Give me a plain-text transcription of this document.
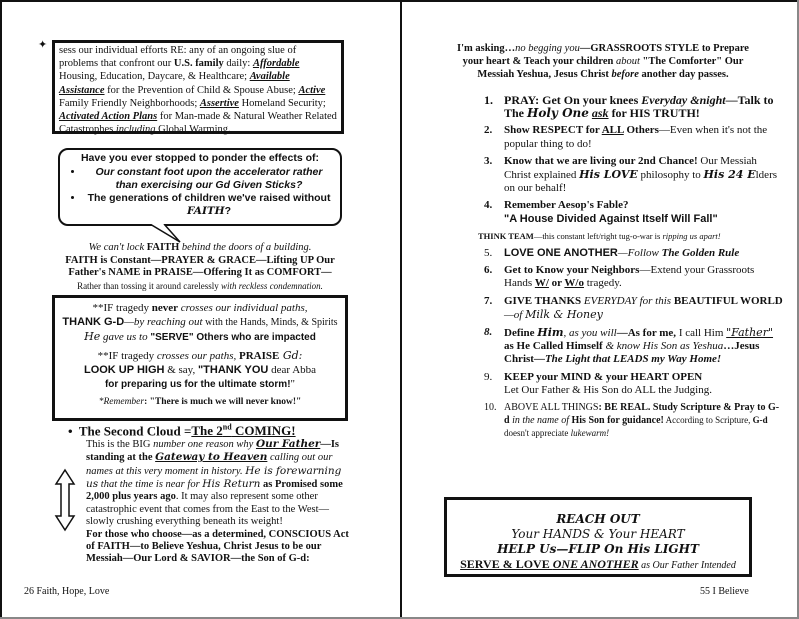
✦ sess our individual efforts RE: any of an ongoing slue of problems that confront our U.S. family daily: Affordable Housing, Education, Daycare, & Healthcare; Available Assistance for the Prevention of Child & Spouse Abuse; Active Family Friendly Neighborhoods; Assertive Homeland Security; Activated Action Plans for Man-made & Natural Weather Related Catastrophes including Global Warming.

Have you ever stopped to ponder the effects of:

• Our constant foot upon the accelerator rather than exercising our Gd Given Sticks?
• The generations of children we've raised without FAITH?
We can't lock FAITH behind the doors of a building.
FAITH is Constant—PRAYER & GRACE—Lifting UP Our Father's NAME in PRAISE—Offering It as COMFORT—
Rather than tossing it around carelessly with reckless condemnation.
**IF tragedy never crosses our individual paths,
THANK G-D—by reaching out with the Hands, Minds, & Spirits He gave us to "SERVE" Others who are impacted
**IF tragedy crosses our paths, PRAISE Gd:
LOOK UP HIGH & say, "THANK YOU dear Abba
for preparing us for the ultimate storm!"
*Remember: "There is much we will never know!"
•  The Second Cloud =The 2nd COMING!
This is the BIG number one reason why Our Father—Is standing at the Gateway to Heaven calling out our names at this very moment in history. He is forewarning us that the time is near for His Return as Promised some 2,000 plus years ago. It may also represent some other catastrophic event that comes from the East to the West—slowly crushing everything beneath its weight!
For those who choose—as a determined, CONSCIOUS Act of FAITH—to Believe Yeshua, Christ Jesus to be our Messiah—Our Lord & SAVIOR—the Son of G-d:
26 Faith, Hope, Love
I'm asking…no begging you—GRASSROOTS STYLE to Prepare your heart & Teach your children about "The Comforter" Our Messiah Yeshua, Jesus Christ before another day passes.
1. PRAY: Get On your knees Everyday &night—Talk to The Holy One ask for HIS TRUTH!
2. Show RESPECT for ALL Others—Even when it's not the popular thing to do!
3. Know that we are living our 2nd Chance! Our Messiah Christ explained His LOVE philosophy to His 24 Elders on our behalf!
4. Remember Aesop's Fable?
"A House Divided Against Itself Will Fall"
THINK TEAM—this constant left/right tug-o-war is ripping us apart!
5. LOVE ONE ANOTHER—Follow The Golden Rule
6. Get to Know your Neighbors—Extend your Grassroots Hands W/ or W/o tragedy.
7. GIVE THANKS EVERYDAY for this BEAUTIFUL WORLD—of Milk & Honey
8. Define Him, as you will—As for me, I call Him "Father" as He Called Himself & know His Son as Yeshua…Jesus Christ—The Light that LEADS my Way Home!
9. KEEP your MIND & your HEART OPEN
Let Our Father & His Son do ALL the Judging.
10. ABOVE ALL THINGS: BE REAL. Study Scripture & Pray to G-d in the name of His Son for guidance! According to Scripture, G-d doesn't appreciate lukewarm!
REACH OUT
Your HANDS & Your HEART
HELP Us—FLIP On His LIGHT
SERVE & LOVE ONE ANOTHER as Our Father Intended
55 I Believe
